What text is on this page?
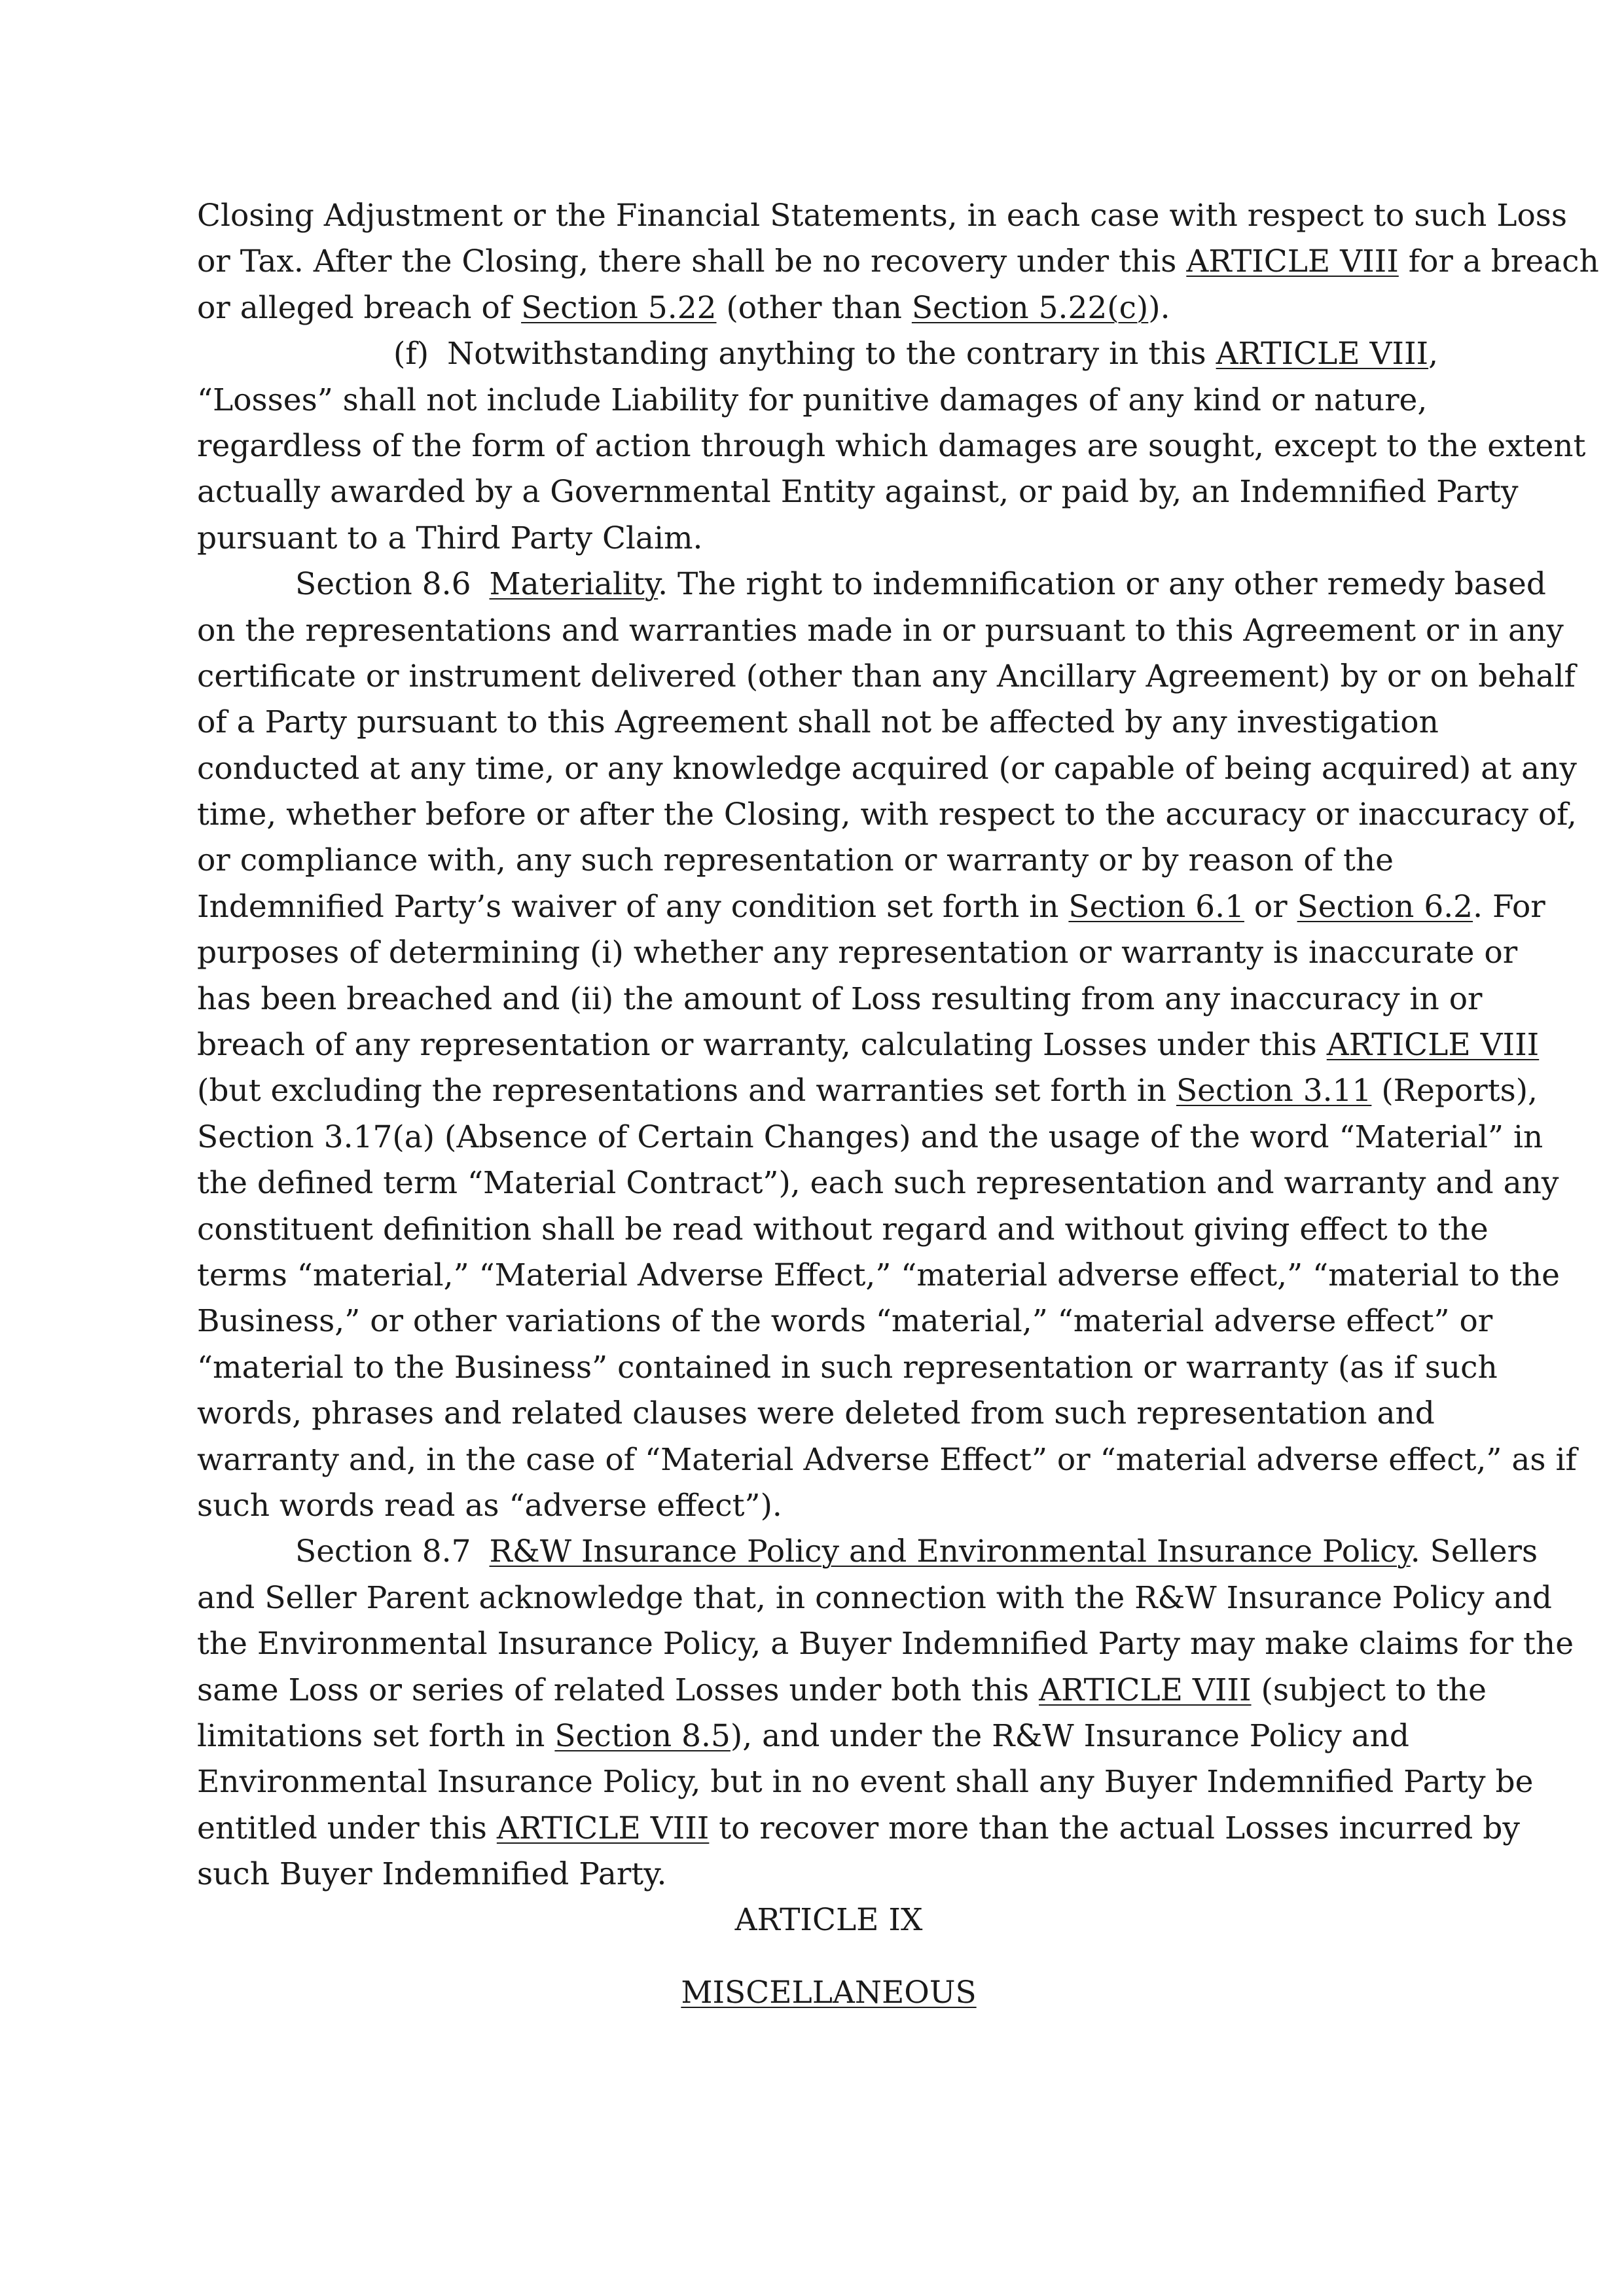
Closing Adjustment or the Financial Statements, in each case with respect to such Loss
or Tax. After the Closing, there shall be no recovery under this ARTICLE VIII for a breach
or alleged breach of Section 5.22 (other than Section 5.22(c)).
(f) Notwithstanding anything to the contrary in this ARTICLE VIII,
“Losses” shall not include Liability for punitive damages of any kind or nature,
regardless of the form of action through which damages are sought, except to the extent
actually awarded by a Governmental Entity against, or paid by, an Indemnified Party
pursuant to a Third Party Claim.
Section 8.6 Materiality. The right to indemnification or any other remedy based
on the representations and warranties made in or pursuant to this Agreement or in any
certificate or instrument delivered (other than any Ancillary Agreement) by or on behalf
of a Party pursuant to this Agreement shall not be affected by any investigation
conducted at any time, or any knowledge acquired (or capable of being acquired) at any
time, whether before or after the Closing, with respect to the accuracy or inaccuracy of,
or compliance with, any such representation or warranty or by reason of the
Indemnified Party’s waiver of any condition set forth in Section 6.1 or Section 6.2. For
purposes of determining (i) whether any representation or warranty is inaccurate or
has been breached and (ii) the amount of Loss resulting from any inaccuracy in or
breach of any representation or warranty, calculating Losses under this ARTICLE VIII
(but excluding the representations and warranties set forth in Section 3.11 (Reports),
Section 3.17(a) (Absence of Certain Changes) and the usage of the word “Material” in
the defined term “Material Contract”), each such representation and warranty and any
constituent definition shall be read without regard and without giving effect to the
terms “material,” “Material Adverse Effect,” “material adverse effect,” “material to the
Business,” or other variations of the words “material,” “material adverse effect” or
“material to the Business” contained in such representation or warranty (as if such
words, phrases and related clauses were deleted from such representation and
warranty and, in the case of “Material Adverse Effect” or “material adverse effect,” as if
such words read as “adverse effect”).
Section 8.7 R&W Insurance Policy and Environmental Insurance Policy. Sellers
and Seller Parent acknowledge that, in connection with the R&W Insurance Policy and
the Environmental Insurance Policy, a Buyer Indemnified Party may make claims for the
same Loss or series of related Losses under both this ARTICLE VIII (subject to the
limitations set forth in Section 8.5), and under the R&W Insurance Policy and
Environmental Insurance Policy, but in no event shall any Buyer Indemnified Party be
entitled under this ARTICLE VIII to recover more than the actual Losses incurred by
such Buyer Indemnified Party.
ARTICLE IX
MISCELLANEOUS
